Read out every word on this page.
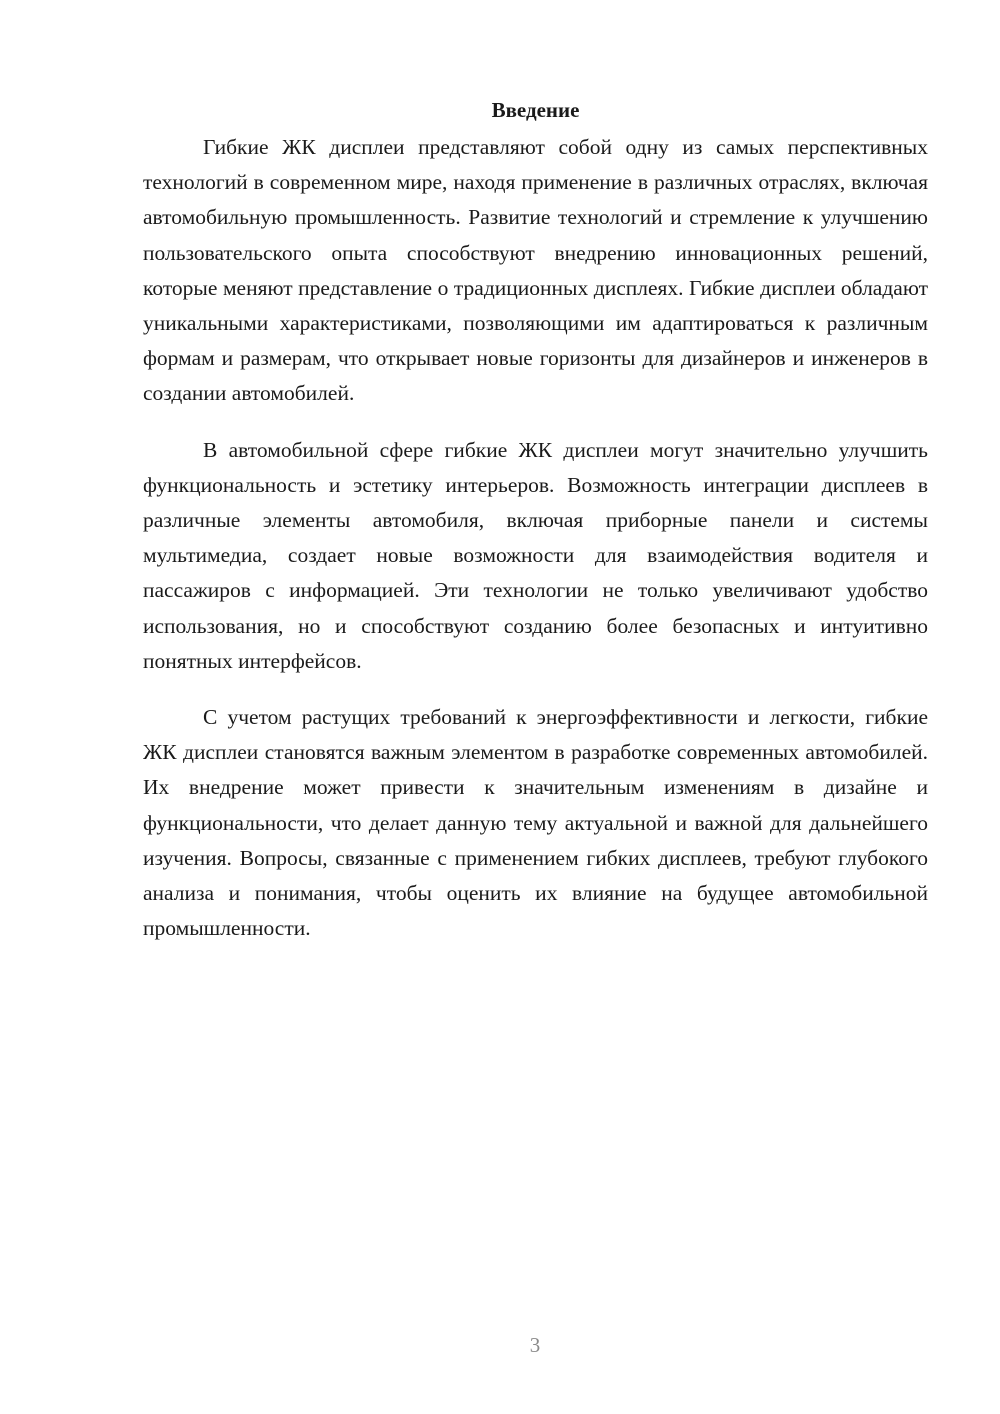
Введение

Гибкие ЖК дисплеи представляют собой одну из самых перспективных технологий в современном мире, находя применение в различных отраслях, включая автомобильную промышленность. Развитие технологий и стремление к улучшению пользовательского опыта способствуют внедрению инновационных решений, которые меняют представление о традиционных дисплеях. Гибкие дисплеи обладают уникальными характеристиками, позволяющими им адаптироваться к различным формам и размерам, что открывает новые горизонты для дизайнеров и инженеров в создании автомобилей.

В автомобильной сфере гибкие ЖК дисплеи могут значительно улучшить функциональность и эстетику интерьеров. Возможность интеграции дисплеев в различные элементы автомобиля, включая приборные панели и системы мультимедиа, создает новые возможности для взаимодействия водителя и пассажиров с информацией. Эти технологии не только увеличивают удобство использования, но и способствуют созданию более безопасных и интуитивно понятных интерфейсов.

С учетом растущих требований к энергоэффективности и легкости, гибкие ЖК дисплеи становятся важным элементом в разработке современных автомобилей. Их внедрение может привести к значительным изменениям в дизайне и функциональности, что делает данную тему актуальной и важной для дальнейшего изучения. Вопросы, связанные с применением гибких дисплеев, требуют глубокого анализа и понимания, чтобы оценить их влияние на будущее автомобильной промышленности.

3
